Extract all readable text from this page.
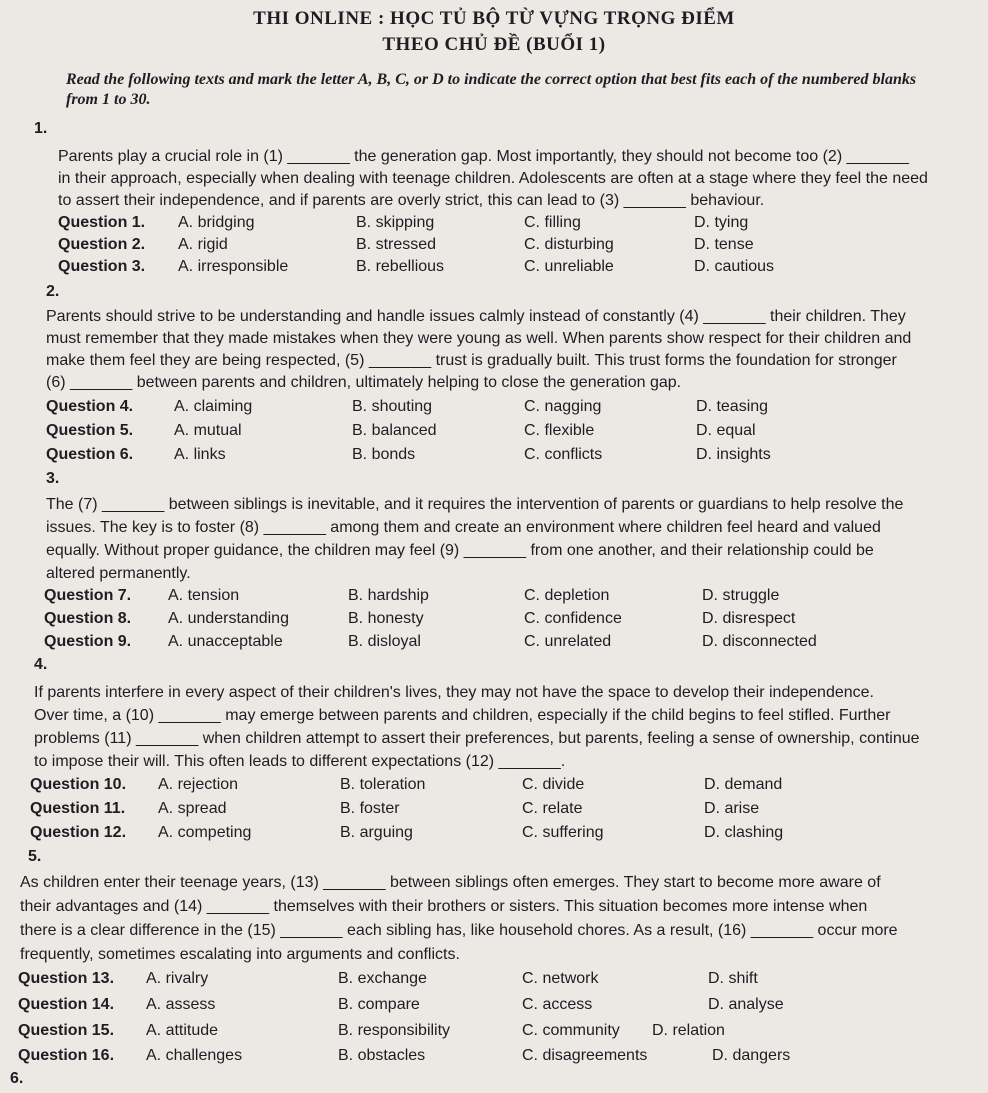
THI ONLINE : HỌC TỦ BỘ TỪ VỰNG TRỌNG ĐIỂM
THEO CHỦ ĐỀ (BUỔI 1)
Read the following texts and mark the letter A, B, C, or D to indicate the correct option that best fits each of the numbered blanks from 1 to 30.
1.
Parents play a crucial role in (1) _______ the generation gap. Most importantly, they should not become too (2) _______
in their approach, especially when dealing with teenage children. Adolescents are often at a stage where they feel the need
to assert their independence, and if parents are overly strict, this can lead to (3) _______ behaviour.
Question 1. A. bridging	B. skipping	C. filling	D. tying
Question 2. A. rigid	B. stressed	C. disturbing	D. tense
Question 3. A. irresponsible	B. rebellious	C. unreliable	D. cautious
2.
Parents should strive to be understanding and handle issues calmly instead of constantly (4) _______ their children. They
must remember that they made mistakes when they were young as well. When parents show respect for their children and
make them feel they are being respected, (5) _______ trust is gradually built. This trust forms the foundation for stronger
(6) _______ between parents and children, ultimately helping to close the generation gap.
Question 4.	A. claiming	B. shouting	C. nagging	D. teasing
Question 5.	A. mutual	B. balanced	C. flexible	D. equal
Question 6.	A. links	B. bonds	C. conflicts	D. insights
3.
The (7) _______ between siblings is inevitable, and it requires the intervention of parents or guardians to help resolve the
issues. The key is to foster (8) _______ among them and create an environment where children feel heard and valued
equally. Without proper guidance, the children may feel (9) _______ from one another, and their relationship could be
altered permanently.
Question 7. A. tension	B. hardship	C. depletion	D. struggle
Question 8. A. understanding	B. honesty	C. confidence	D. disrespect
Question 9. A. unacceptable	B. disloyal	C. unrelated	D. disconnected
4.
If parents interfere in every aspect of their children's lives, they may not have the space to develop their independence.
Over time, a (10) _______ may emerge between parents and children, especially if the child begins to feel stifled. Further
problems (11) _______ when children attempt to assert their preferences, but parents, feeling a sense of ownership, continue
to impose their will. This often leads to different expectations (12) _______.
Question 10. A. rejection	B. toleration	C. divide	D. demand
Question 11. A. spread	B. foster	C. relate	D. arise
Question 12. A. competing	B. arguing	C. suffering	D. clashing
5.
As children enter their teenage years, (13) _______ between siblings often emerges. They start to become more aware of
their advantages and (14) _______ themselves with their brothers or sisters. This situation becomes more intense when
there is a clear difference in the (15) _______ each sibling has, like household chores. As a result, (16) _______ occur more
frequently, sometimes escalating into arguments and conflicts.
Question 13. A. rivalry	B. exchange	C. network	D. shift
Question 14. A. assess	B. compare	C. access	D. analyse
Question 15. A. attitude	B. responsibility	C. community D. relation
Question 16. A. challenges	B. obstacles	C. disagreements	D. dangers
6.
